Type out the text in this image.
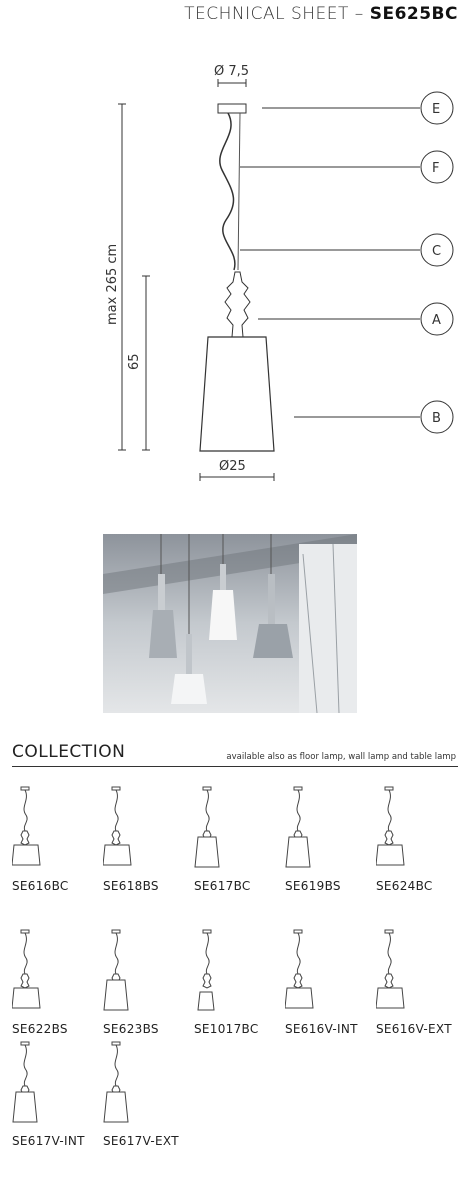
TECHNICAL SHEET – SE625BC
Ø 7,5
Ø25
max 265 cm
65
E
F
C
A
B
COLLECTION	available also as floor lamp, wall lamp and table lamp
SE616BC	SE618BS	SE617BC	SE619BS	SE624BC
SE622BS	SE623BS	SE1017BC SE616V-INT SE616V-EXT
SE617V-INT SE617V-EXT
